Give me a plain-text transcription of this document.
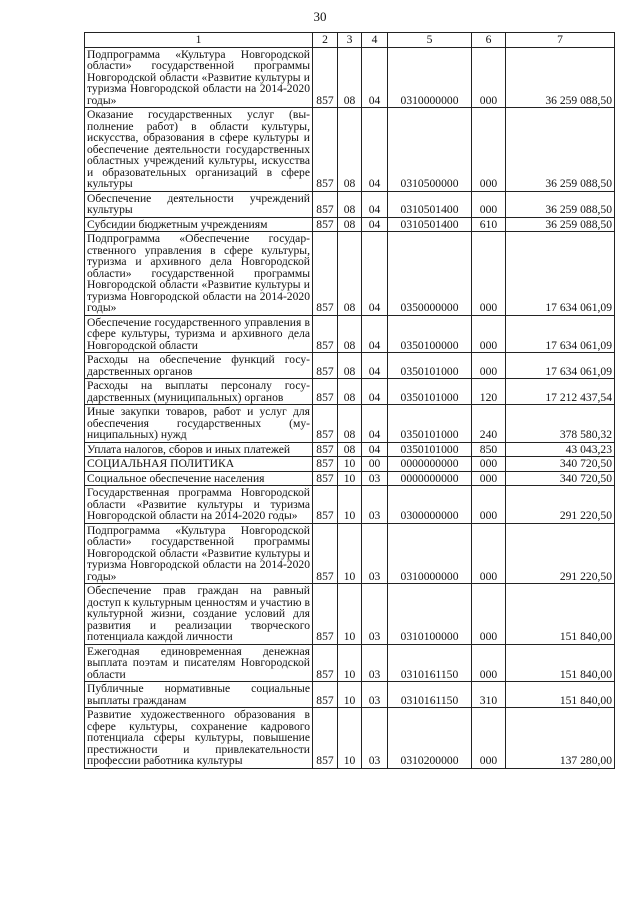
30
1	2	3	4	5	6	7
Подпрограмма «Культура Новгородской области» государственной программы Новгородской области «Развитие культуры и туризма Новгородской области на 2014-2020 годы»	857	08	04	0310000000	000	36 259 088,50
Оказание государственных услуг (выполнение работ) в области культуры, искусства, образования в сфере культуры и обеспечение деятельности государственных областных учреждений культуры, искусства и образовательных организаций в сфере культуры	857	08	04	0310500000	000	36 259 088,50
Обеспечение деятельности учреждений культуры	857	08	04	0310501400	000	36 259 088,50
Субсидии бюджетным учреждениям	857	08	04	0310501400	610	36 259 088,50
Подпрограмма «Обеспечение государственного управления в сфере культуры, туризма и архивного дела Новгородской области» государственной программы Новгородской области «Развитие культуры и туризма Новгородской области на 2014-2020 годы»	857	08	04	0350000000	000	17 634 061,09
Обеспечение государственного управления в сфере культуры, туризма и архивного дела Новгородской области	857	08	04	0350100000	000	17 634 061,09
Расходы на обеспечение функций государственных органов	857	08	04	0350101000	000	17 634 061,09
Расходы на выплаты персоналу государственных (муниципальных) органов	857	08	04	0350101000	120	17 212 437,54
Иные закупки товаров, работ и услуг для обеспечения государственных (муниципальных) нужд	857	08	04	0350101000	240	378 580,32
Уплата налогов, сборов и иных платежей	857	08	04	0350101000	850	43 043,23
СОЦИАЛЬНАЯ ПОЛИТИКА	857	10	00	0000000000	000	340 720,50
Социальное обеспечение населения	857	10	03	0000000000	000	340 720,50
Государственная программа Новгородской области «Развитие культуры и туризма Новгородской области на 2014-2020 годы»	857	10	03	0300000000	000	291 220,50
Подпрограмма «Культура Новгородской области» государственной программы Новгородской области «Развитие культуры и туризма Новгородской области на 2014-2020 годы»	857	10	03	0310000000	000	291 220,50
Обеспечение прав граждан на равный доступ к культурным ценностям и участию в культурной жизни, создание условий для развития и реализации творческого потенциала каждой личности	857	10	03	0310100000	000	151 840,00
Ежегодная единовременная денежная выплата поэтам и писателям Новгородской области	857	10	03	0310161150	000	151 840,00
Публичные нормативные социальные выплаты гражданам	857	10	03	0310161150	310	151 840,00
Развитие художественного образования в сфере культуры, сохранение кадрового потенциала сферы культуры, повышение престижности и привлекательности профессии работника культуры	857	10	03	0310200000	000	137 280,00
